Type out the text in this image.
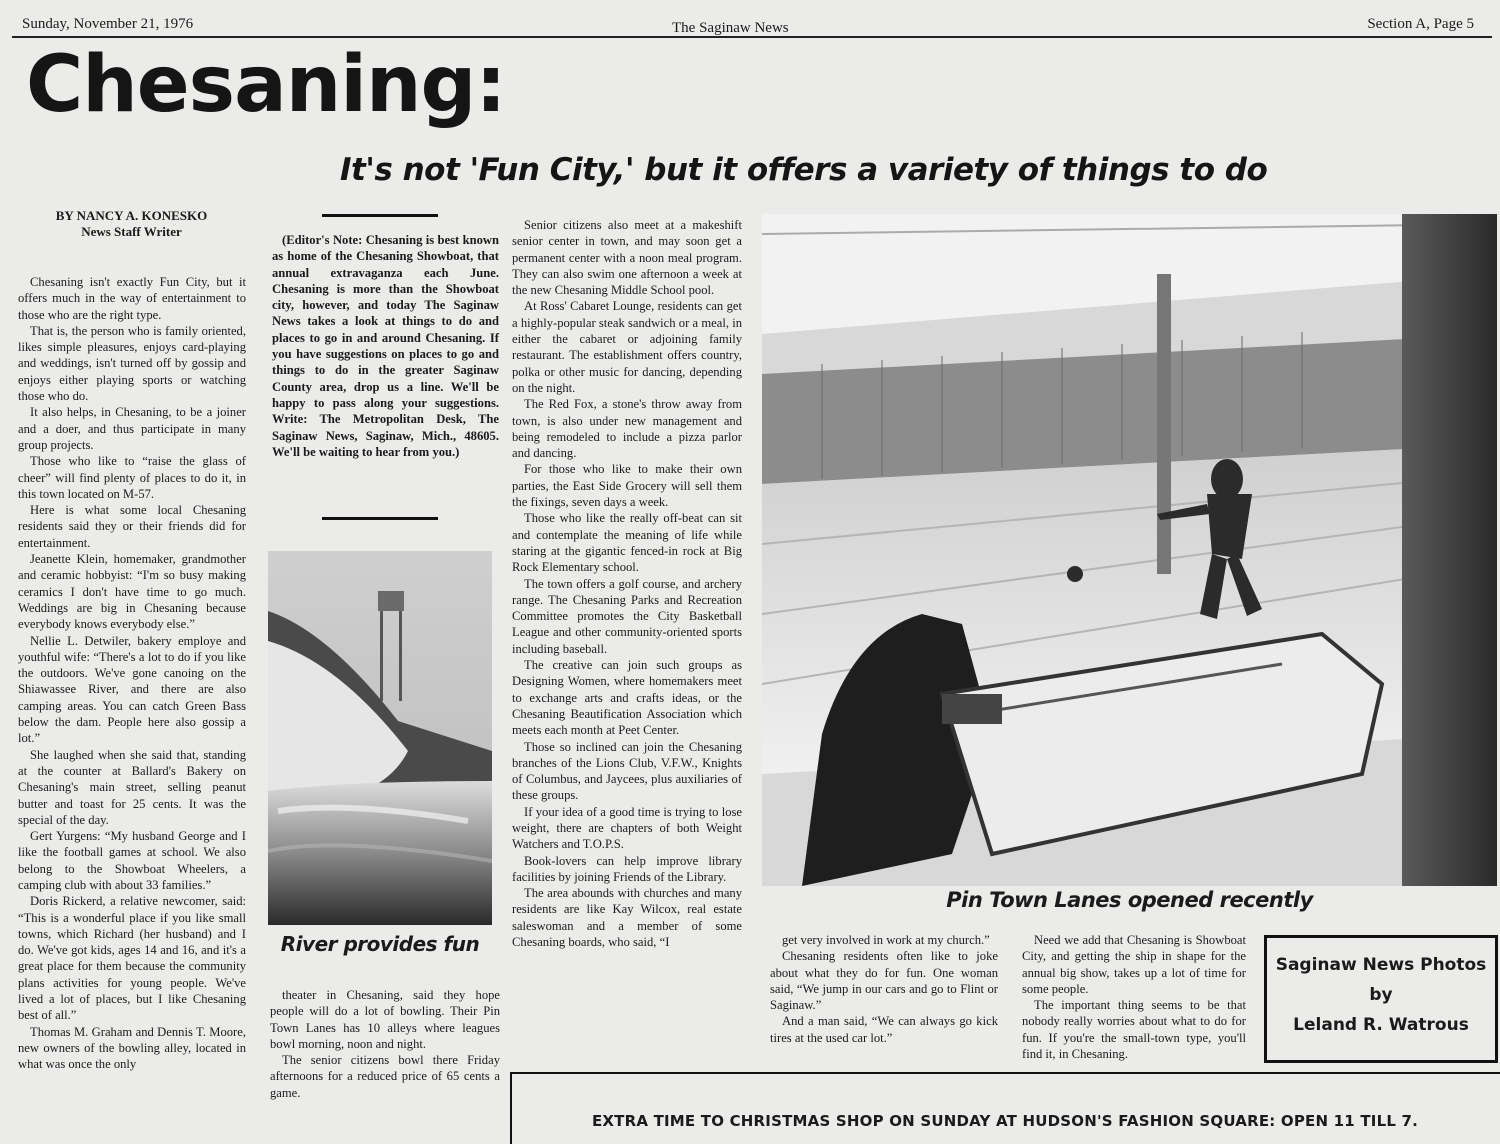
Sunday, November 21, 1976	The Saginaw News	Section A, Page 5
Chesaning:
It's not 'Fun City,' but it offers a variety of things to do
BY NANCY A. KONESKO
News Staff Writer

Chesaning isn't exactly Fun City, but it offers much in the way of entertainment to those who are the right type.

That is, the person who is family oriented, likes simple pleasures, enjoys card-playing and weddings, isn't turned off by gossip and enjoys either playing sports or watching those who do.

It also helps, in Chesaning, to be a joiner and a doer, and thus participate in many group projects.

Those who like to “raise the glass of cheer” will find plenty of places to do it, in this town located on M-57.

Here is what some local Chesaning residents said they or their friends did for entertainment.

Jeanette Klein, homemaker, grandmother and ceramic hobbyist: “I'm so busy making ceramics I don't have time to go much. Weddings are big in Chesaning because everybody knows everybody else.”

Nellie L. Detwiler, bakery employe and youthful wife: “There's a lot to do if you like the outdoors. We've gone canoing on the Shiawassee River, and there are also camping areas. You can catch Green Bass below the dam. People here also gossip a lot.”

She laughed when she said that, standing at the counter at Ballard's Bakery on Chesaning's main street, selling peanut butter and toast for 25 cents. It was the special of the day.

Gert Yurgens: “My husband George and I like the football games at school. We also belong to the Showboat Wheelers, a camping club with about 33 families.”

Doris Rickerd, a relative newcomer, said: “This is a wonderful place if you like small towns, which Richard (her husband) and I do. We've got kids, ages 14 and 16, and it's a great place for them because the community plans activities for young people. We've lived a lot of places, but I like Chesaning best of all.”

Thomas M. Graham and Dennis T. Moore, new owners of the bowling alley, located in what was once the only

(Editor's Note: Chesaning is best known as home of the Chesaning Showboat, that annual extravaganza each June. Chesaning is more than the Showboat city, however, and today The Saginaw News takes a look at things to do and places to go in and around Chesaning. If you have suggestions on places to go and things to do in the greater Saginaw County area, drop us a line. We'll be happy to pass along your suggestions. Write: The Metropolitan Desk, The Saginaw News, Saginaw, Mich., 48605. We'll be waiting to hear from you.)
River provides fun

theater in Chesaning, said they hope people will do a lot of bowling. Their Pin Town Lanes has 10 alleys where leagues bowl morning, noon and night.

The senior citizens bowl there Friday afternoons for a reduced price of 65 cents a game.

Senior citizens also meet at a makeshift senior center in town, and may soon get a permanent center with a noon meal program. They can also swim one afternoon a week at the new Chesaning Middle School pool.

At Ross' Cabaret Lounge, residents can get a highly-popular steak sandwich or a meal, in either the cabaret or adjoining family restaurant. The establishment offers country, polka or other music for dancing, depending on the night.

The Red Fox, a stone's throw away from town, is also under new management and being remodeled to include a pizza parlor and dancing.

For those who like to make their own parties, the East Side Grocery will sell them the fixings, seven days a week.

Those who like the really off-beat can sit and contemplate the meaning of life while staring at the gigantic fenced-in rock at Big Rock Elementary school.

The town offers a golf course, and archery range. The Chesaning Parks and Recreation Committee promotes the City Basketball League and other community-oriented sports including baseball.

The creative can join such groups as Designing Women, where homemakers meet to exchange arts and crafts ideas, or the Chesaning Beautification Association which meets each month at Peet Center.

Those so inclined can join the Chesaning branches of the Lions Club, V.F.W., Knights of Columbus, and Jaycees, plus auxiliaries of these groups.

If your idea of a good time is trying to lose weight, there are chapters of both Weight Watchers and T.O.P.S.

Book-lovers can help improve library facilities by joining Friends of the Library.

The area abounds with churches and many residents are like Kay Wilcox, real estate saleswoman and a member of some Chesaning boards, who said, “I

Pin Town Lanes opened recently

get very involved in work at my church.”

Chesaning residents often like to joke about what they do for fun. One woman said, “We jump in our cars and go to Flint or Saginaw.”

And a man said, “We can always go kick tires at the used car lot.”

Need we add that Chesaning is Showboat City, and getting the ship in shape for the annual big show, takes up a lot of time for some people.

The important thing seems to be that nobody really worries about what to do for fun. If you're the small-town type, you'll find it, in Chesaning.

Saginaw News Photos
by
Leland R. Watrous
EXTRA TIME TO CHRISTMAS SHOP ON SUNDAY AT HUDSON'S FASHION SQUARE: OPEN 11 TILL 7.
